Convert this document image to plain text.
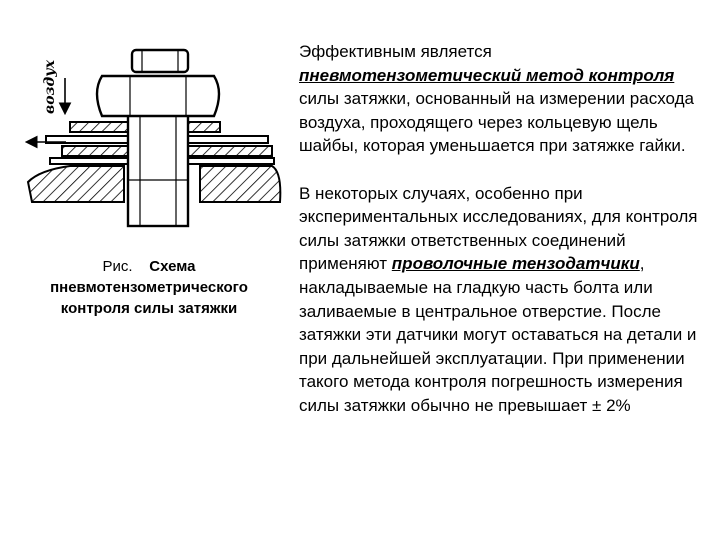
воздух
Рис. Схема пневмотензометрического контроля силы затяжки

Эффективным является пневмотензометический метод контроля силы затяжки, основанный на измерении расхода воздуха, проходящего через кольцевую щель шайбы, которая уменьшается при затяжке гайки.

В некоторых случаях, особенно при экспериментальных исследованиях, для контроля силы затяжки ответственных соединений применяют проволочные тензодатчики, накладываемые на гладкую часть болта или заливаемые в центральное отверстие. После затяжки эти датчики могут оставаться на детали и при дальнейшей эксплуатации. При применении такого метода контроля погрешность измерения силы затяжки обычно не превышает ± 2%
